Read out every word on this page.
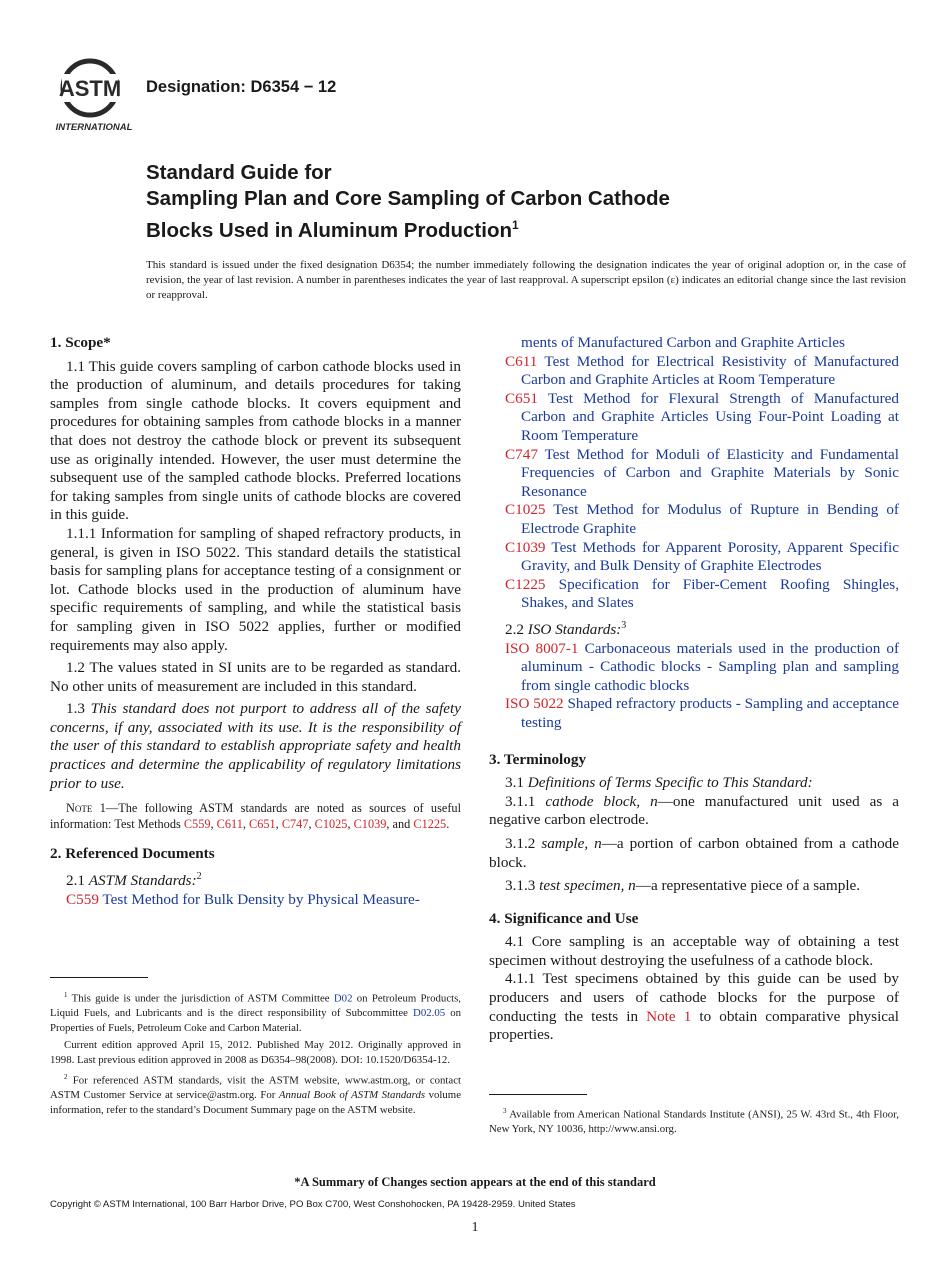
ASTM
INTERNATIONAL
Designation: D6354 − 12
Standard Guide for
Sampling Plan and Core Sampling of Carbon Cathode
Blocks Used in Aluminum Production$^1$
This standard is issued under the fixed designation D6354; the number immediately following the designation indicates the year of original adoption or, in the case of revision, the year of last revision. A number in parentheses indicates the year of last reapproval. A superscript epsilon (ε) indicates an editorial change since the last revision or reapproval.

1. Scope*

1.1 This guide covers sampling of carbon cathode blocks used in the production of aluminum, and details procedures for taking samples from single cathode blocks. It covers equipment and procedures for obtaining samples from cathode blocks in a manner that does not destroy the cathode block or prevent its subsequent use as originally intended. However, the user must determine the subsequent use of the sampled cathode blocks. Preferred locations for taking samples from single units of cathode blocks are covered in this guide.

1.1.1 Information for sampling of shaped refractory products, in general, is given in ISO 5022. This standard details the statistical basis for sampling plans for acceptance testing of a consignment or lot. Cathode blocks used in the production of aluminum have specific requirements of sampling, and while the statistical basis for sampling given in ISO 5022 applies, further or modified requirements may also apply.

1.2 The values stated in SI units are to be regarded as standard. No other units of measurement are included in this standard.

1.3 This standard does not purport to address all of the safety concerns, if any, associated with its use. It is the responsibility of the user of this standard to establish appropriate safety and health practices and determine the applicability of regulatory limitations prior to use.

Note 1—The following ASTM standards are noted as sources of useful information: Test Methods C559, C611, C651, C747, C1025, C1039, and C1225.

2. Referenced Documents

2.1 ASTM Standards:$^2$

C559 Test Method for Bulk Density by Physical Measure-

$^1$ This guide is under the jurisdiction of ASTM Committee D02 on Petroleum Products, Liquid Fuels, and Lubricants and is the direct responsibility of Subcommittee D02.05 on Properties of Fuels, Petroleum Coke and Carbon Material.

Current edition approved April 15, 2012. Published May 2012. Originally approved in 1998. Last previous edition approved in 2008 as D6354–98(2008). DOI: 10.1520/D6354-12.

$^2$ For referenced ASTM standards, visit the ASTM website, www.astm.org, or contact ASTM Customer Service at service@astm.org. For Annual Book of ASTM Standards volume information, refer to the standard’s Document Summary page on the ASTM website.

ments of Manufactured Carbon and Graphite Articles

C611 Test Method for Electrical Resistivity of Manufactured Carbon and Graphite Articles at Room Temperature

C651 Test Method for Flexural Strength of Manufactured Carbon and Graphite Articles Using Four-Point Loading at Room Temperature

C747 Test Method for Moduli of Elasticity and Fundamental Frequencies of Carbon and Graphite Materials by Sonic Resonance

C1025 Test Method for Modulus of Rupture in Bending of Electrode Graphite

C1039 Test Methods for Apparent Porosity, Apparent Specific Gravity, and Bulk Density of Graphite Electrodes

C1225 Specification for Fiber-Cement Roofing Shingles, Shakes, and Slates

2.2 ISO Standards:$^3$

ISO 8007-1 Carbonaceous materials used in the production of aluminum - Cathodic blocks - Sampling plan and sampling from single cathodic blocks

ISO 5022 Shaped refractory products - Sampling and acceptance testing

3. Terminology

3.1 Definitions of Terms Specific to This Standard:

3.1.1 cathode block, n—one manufactured unit used as a negative carbon electrode.

3.1.2 sample, n—a portion of carbon obtained from a cathode block.

3.1.3 test specimen, n—a representative piece of a sample.

4. Significance and Use

4.1 Core sampling is an acceptable way of obtaining a test specimen without destroying the usefulness of a cathode block.

4.1.1 Test specimens obtained by this guide can be used by producers and users of cathode blocks for the purpose of conducting the tests in Note 1 to obtain comparative physical properties.

$^3$ Available from American National Standards Institute (ANSI), 25 W. 43rd St., 4th Floor, New York, NY 10036, http://www.ansi.org.

*A Summary of Changes section appears at the end of this standard
Copyright © ASTM International, 100 Barr Harbor Drive, PO Box C700, West Conshohocken, PA 19428-2959. United States
1
